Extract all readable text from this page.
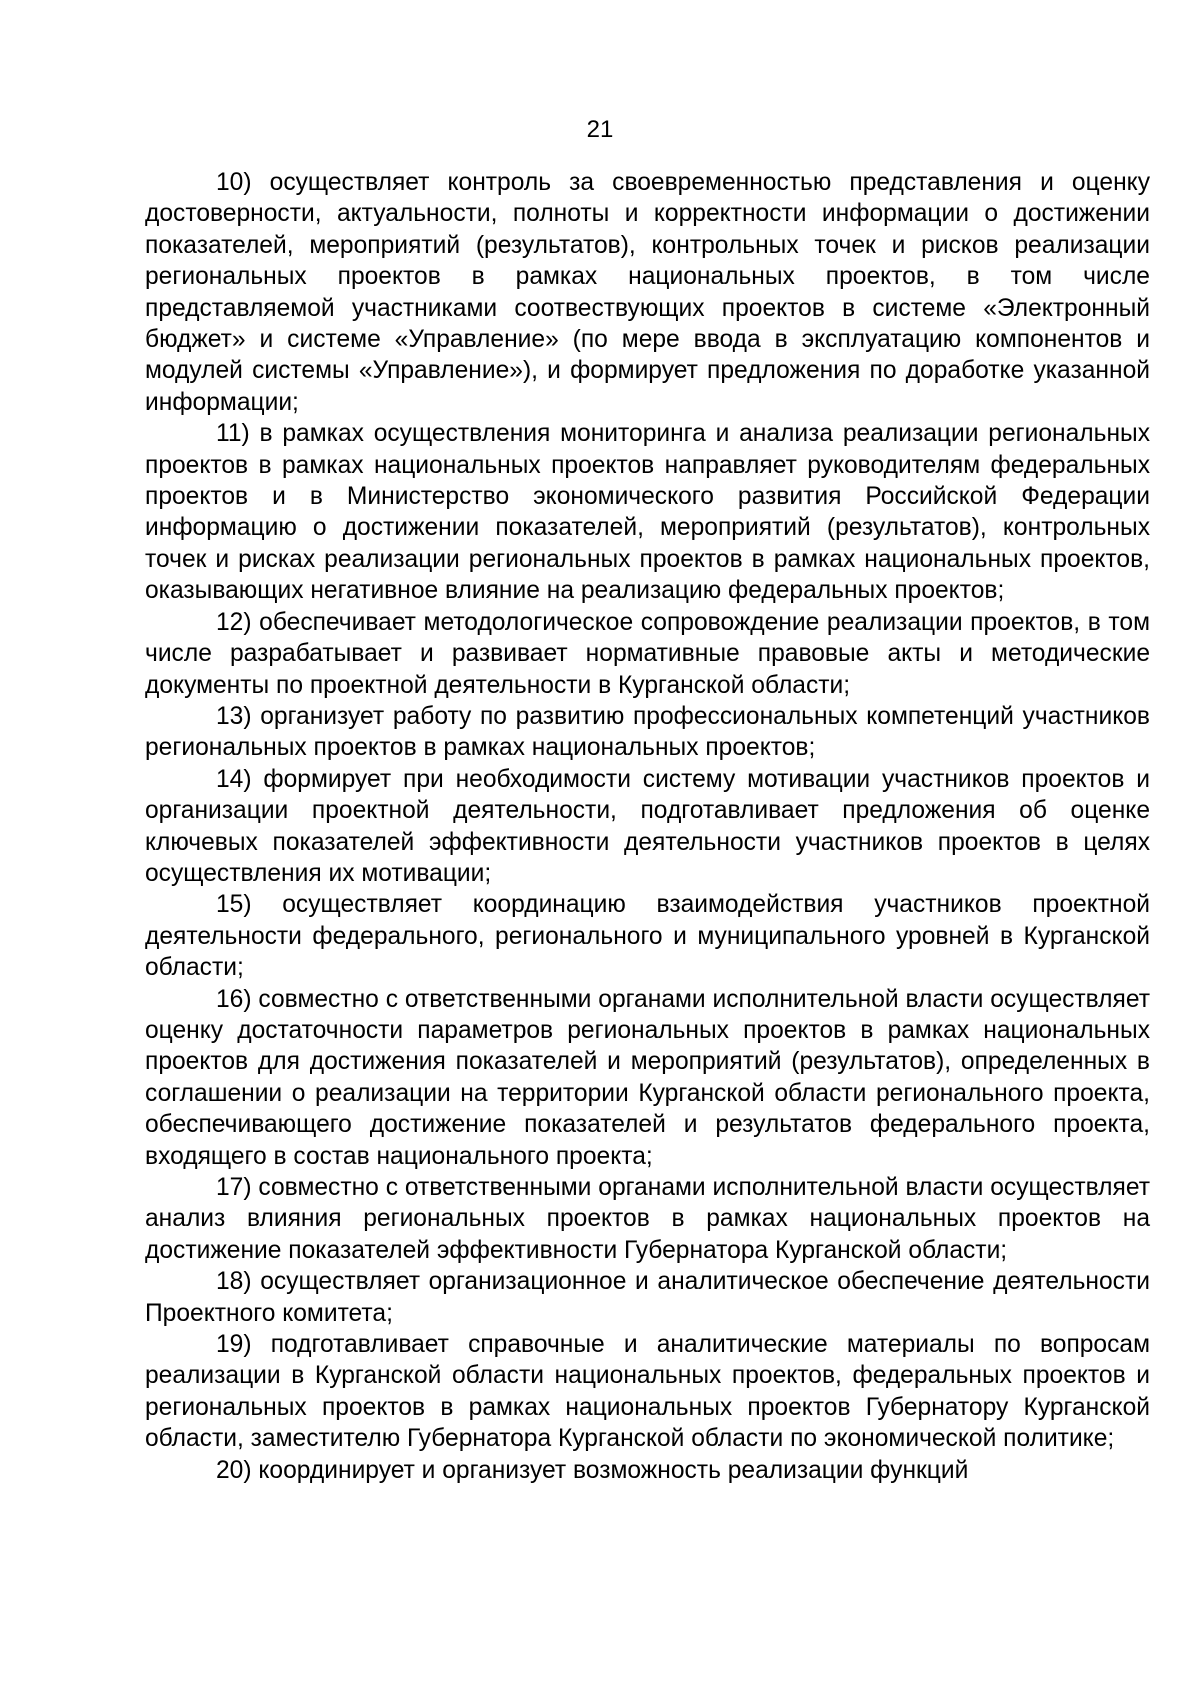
21

10) осуществляет контроль за своевременностью представления и оценку достоверности, актуальности, полноты и корректности информации о достижении показателей, мероприятий (результатов), контрольных точек и рисков реализации региональных проектов в рамках национальных проектов, в том числе представляемой участниками соотвествующих проектов в системе «Электронный бюджет» и системе «Управление» (по мере ввода в эксплуатацию компонентов и модулей системы «Управление»), и формирует предложения по доработке указанной информации;

11) в рамках осуществления мониторинга и анализа реализации региональных проектов в рамках национальных проектов направляет руководителям федеральных проектов и в Министерство экономического развития Российской Федерации информацию о достижении показателей, мероприятий (результатов), контрольных точек и рисках реализации региональных проектов в рамках национальных проектов, оказывающих негативное влияние на реализацию федеральных проектов;

12) обеспечивает методологическое сопровождение реализации проектов, в том числе разрабатывает и развивает нормативные правовые акты и методические документы по проектной деятельности в Курганской области;

13) организует работу по развитию профессиональных компетенций участников региональных проектов в рамках национальных проектов;

14) формирует при необходимости систему мотивации участников проектов и организации проектной деятельности, подготавливает предложения об оценке ключевых показателей эффективности деятельности участников проектов в целях осуществления их мотивации;

15) осуществляет координацию взаимодействия участников проектной деятельности федерального, регионального и муниципального уровней в Курганской области;

16) совместно с ответственными органами исполнительной власти осуществляет оценку достаточности параметров региональных проектов в рамках национальных проектов для достижения показателей и мероприятий (результатов), определенных в соглашении о реализации на территории Курганской области регионального проекта, обеспечивающего достижение показателей и результатов федерального проекта, входящего в состав национального проекта;

17) совместно с ответственными органами исполнительной власти осуществляет анализ влияния региональных проектов в рамках национальных проектов на достижение показателей эффективности Губернатора Курганской области;

18) осуществляет организационное и аналитическое обеспечение деятельности Проектного комитета;

19) подготавливает справочные и аналитические материалы по вопросам реализации в Курганской области национальных проектов, федеральных проектов и региональных проектов в рамках национальных проектов Губернатору Курганской области, заместителю Губернатора Курганской области по экономической политике;

20) координирует и организует возможность реализации функций
